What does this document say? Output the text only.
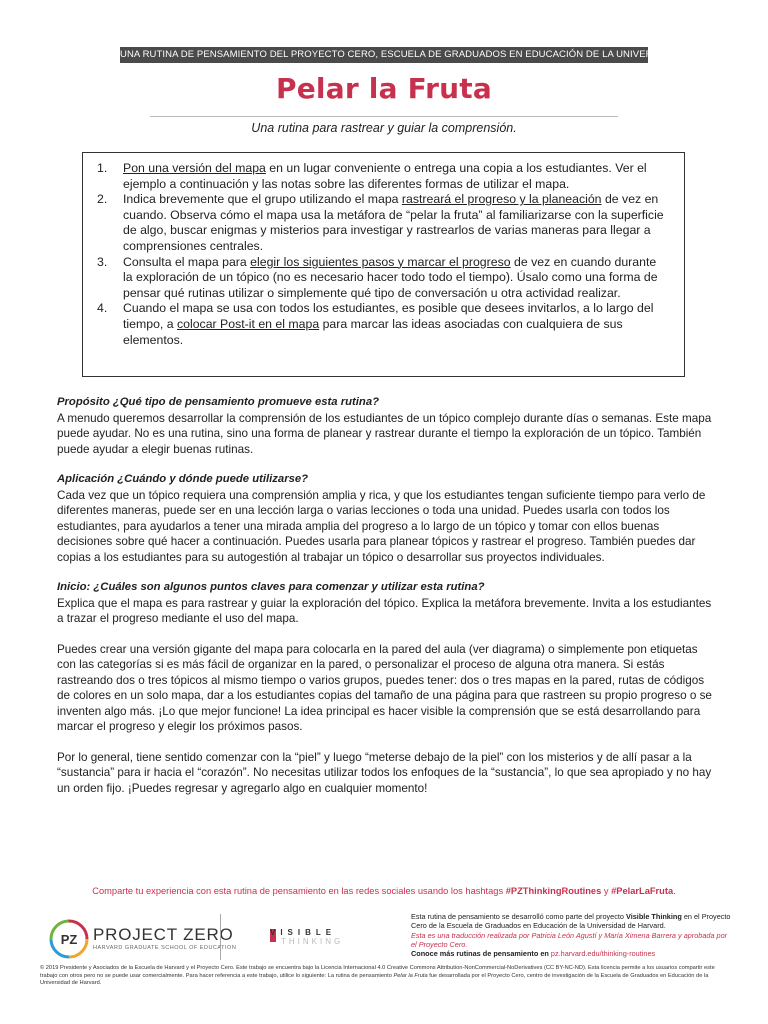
UNA RUTINA DE PENSAMIENTO DEL PROYECTO CERO, ESCUELA DE GRADUADOS EN EDUCACIÓN DE LA UNIVERSIDAD HARVARD.
Pelar la Fruta
Una rutina para rastrear y guiar la comprensión.
1. Pon una versión del mapa en un lugar conveniente o entrega una copia a los estudiantes. Ver el ejemplo a continuación y las notas sobre las diferentes formas de utilizar el mapa.
2. Indica brevemente que el grupo utilizando el mapa rastreará el progreso y la planeación de vez en cuando. Observa cómo el mapa usa la metáfora de “pelar la fruta” al familiarizarse con la superficie de algo, buscar enigmas y misterios para investigar y rastrearlos de varias maneras para llegar a comprensiones centrales.
3. Consulta el mapa para elegir los siguientes pasos y marcar el progreso de vez en cuando durante la exploración de un tópico (no es necesario hacer todo todo el tiempo). Úsalo como una forma de pensar qué rutinas utilizar o simplemente qué tipo de conversación u otra actividad realizar.
4. Cuando el mapa se usa con todos los estudiantes, es posible que desees invitarlos, a lo largo del tiempo, a colocar Post-it en el mapa para marcar las ideas asociadas con cualquiera de sus elementos.
Propósito ¿Qué tipo de pensamiento promueve esta rutina?

A menudo queremos desarrollar la comprensión de los estudiantes de un tópico complejo durante días o semanas. Este mapa puede ayudar. No es una rutina, sino una forma de planear y rastrear durante el tiempo la exploración de un tópico. También puede ayudar a elegir buenas rutinas.

Aplicación ¿Cuándo y dónde puede utilizarse?

Cada vez que un tópico requiera una comprensión amplia y rica, y que los estudiantes tengan suficiente tiempo para verlo de diferentes maneras, puede ser en una lección larga o varias lecciones o toda una unidad. Puedes usarla con todos los estudiantes, para ayudarlos a tener una mirada amplia del progreso a lo largo de un tópico y tomar con ellos buenas decisiones sobre qué hacer a continuación. Puedes usarla para planear tópicos y rastrear el progreso. También puedes dar copias a los estudiantes para su autogestión al trabajar un tópico o desarrollar sus proyectos individuales.

Inicio: ¿Cuáles son algunos puntos claves para comenzar y utilizar esta rutina?

Explica que el mapa es para rastrear y guiar la exploración del tópico. Explica la metáfora brevemente. Invita a los estudiantes a trazar el progreso mediante el uso del mapa.

Puedes crear una versión gigante del mapa para colocarla en la pared del aula (ver diagrama) o simplemente pon etiquetas con las categorías si es más fácil de organizar en la pared, o personalizar el proceso de alguna otra manera. Si estás rastreando dos o tres tópicos al mismo tiempo o varios grupos, puedes tener: dos o tres mapas en la pared, rutas de códigos de colores en un solo mapa, dar a los estudiantes copias del tamaño de una página para que rastreen su propio progreso o se inventen algo más. ¡Lo que mejor funcione! La idea principal es hacer visible la comprensión que se está desarrollando para marcar el progreso y elegir los próximos pasos.

Por lo general, tiene sentido comenzar con la “piel” y luego “meterse debajo de la piel” con los misterios y de allí pasar a la “sustancia” para ir hacia el “corazón”. No necesitas utilizar todos los enfoques de la “sustancia”, lo que sea apropiado y no hay un orden fijo. ¡Puedes regresar y agregarlo algo en cualquier momento!

Comparte tu experiencia con esta rutina de pensamiento en las redes sociales usando los hashtags #PZThinkingRoutines y #PelarLaFruta.
PZ PROJECT ZERO
HARVARD GRADUATE SCHOOL OF EDUCATION
VISIBLE
THINKING
Esta rutina de pensamiento se desarrolló como parte del proyecto Visible Thinking en el Proyecto Cero de la Escuela de Graduados en Educación de la Universidad de Harvard.
Esta es una traducción realizada por Patricia León Agustí y María Ximena Barrera y aprobada por el Proyecto Cero.
Conoce más rutinas de pensamiento en pz.harvard.edu/thinking-routines
© 2019 Presidente y Asociados de la Escuela de Harvard y el Proyecto Cero. Este trabajo se encuentra bajo la Licencia Internacional 4.0 Creative Commons Attribution-NonCommercial-NoDerivatives (CC BY-NC-ND). Esta licencia permite a los usuarios compartir este trabajo con otros pero no se puede usar comercialmente. Para hacer referencia a este trabajo, utilice lo siguiente: La rutina de pensamiento Pelar la Fruta fue desarrollada por el Proyecto Cero, centro de investigación de la Escuela de Graduados en Educación de la Universidad de Harvard.
